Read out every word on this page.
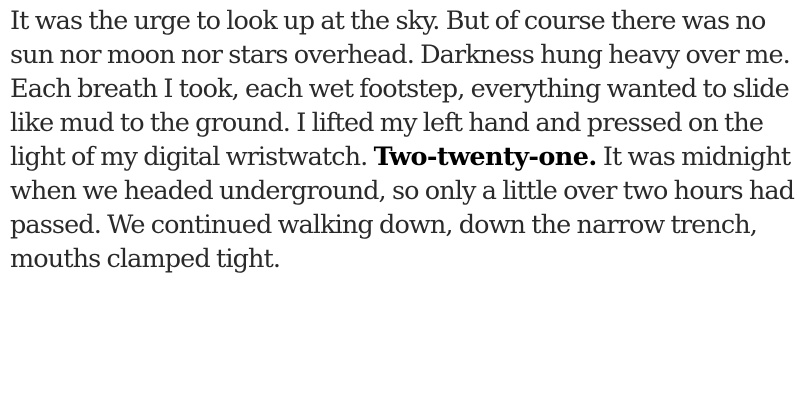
It was the urge to look up at the sky. But of course there was no sun nor moon nor stars overhead. Darkness hung heavy over me. Each breath I took, each wet footstep, everything wanted to slide like mud to the ground. I lifted my left hand and pressed on the light of my digital wristwatch. Two-twenty-one. It was midnight when we headed underground, so only a little over two hours had passed. We continued walking down, down the narrow trench, mouths clamped tight.
